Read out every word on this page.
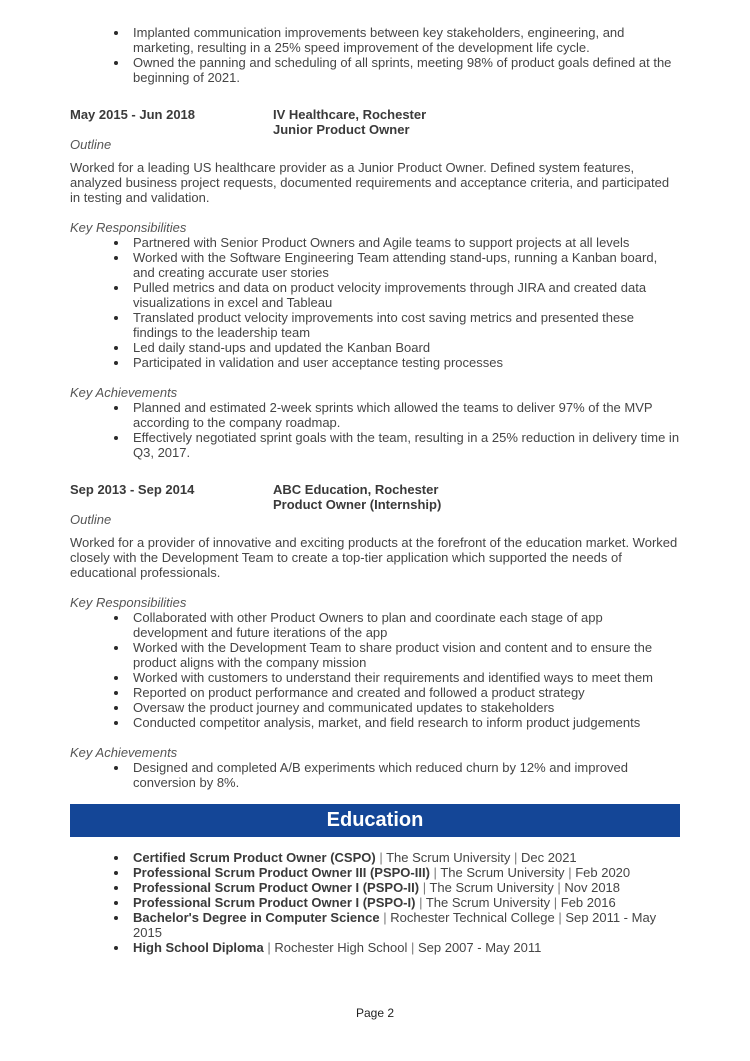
Implanted communication improvements between key stakeholders, engineering, and marketing, resulting in a 25% speed improvement of the development life cycle.
Owned the panning and scheduling of all sprints, meeting 98% of product goals defined at the beginning of 2021.
May 2015 - Jun 2018	IV Healthcare, Rochester
Junior Product Owner
Outline

Worked for a leading US healthcare provider as a Junior Product Owner. Defined system features, analyzed business project requests, documented requirements and acceptance criteria, and participated in testing and validation.

Key Responsibilities
Partnered with Senior Product Owners and Agile teams to support projects at all levels
Worked with the Software Engineering Team attending stand-ups, running a Kanban board, and creating accurate user stories
Pulled metrics and data on product velocity improvements through JIRA and created data visualizations in excel and Tableau
Translated product velocity improvements into cost saving metrics and presented these findings to the leadership team
Led daily stand-ups and updated the Kanban Board
Participated in validation and user acceptance testing processes
Key Achievements
Planned and estimated 2-week sprints which allowed the teams to deliver 97% of the MVP according to the company roadmap.
Effectively negotiated sprint goals with the team, resulting in a 25% reduction in delivery time in Q3, 2017.
Sep 2013 - Sep 2014	ABC Education, Rochester
Product Owner (Internship)
Outline

Worked for a provider of innovative and exciting products at the forefront of the education market. Worked closely with the Development Team to create a top-tier application which supported the needs of educational professionals.

Key Responsibilities
Collaborated with other Product Owners to plan and coordinate each stage of app development and future iterations of the app
Worked with the Development Team to share product vision and content and to ensure the product aligns with the company mission
Worked with customers to understand their requirements and identified ways to meet them
Reported on product performance and created and followed a product strategy
Oversaw the product journey and communicated updates to stakeholders
Conducted competitor analysis, market, and field research to inform product judgements
Key Achievements
Designed and completed A/B experiments which reduced churn by 12% and improved conversion by 8%.
Education
Certified Scrum Product Owner (CSPO) | The Scrum University | Dec 2021
Professional Scrum Product Owner III (PSPO-III) | The Scrum University | Feb 2020
Professional Scrum Product Owner I (PSPO-II) | The Scrum University | Nov 2018
Professional Scrum Product Owner I (PSPO-I) | The Scrum University | Feb 2016
Bachelor's Degree in Computer Science | Rochester Technical College | Sep 2011 - May 2015
High School Diploma | Rochester High School | Sep 2007 - May 2011
Page 2
